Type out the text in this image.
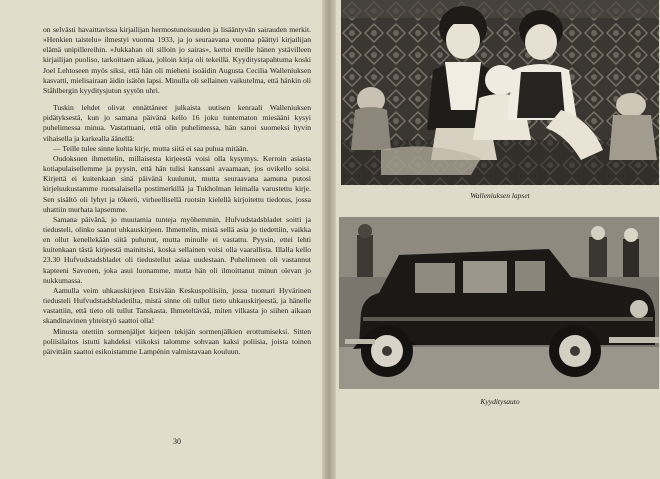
on selvästi havaittavissa kirjailijan hermostuneisuuden ja lisääntyvän sairauden merkit. »Henkien taistelu» ilmestyi vuonna 1933, ja jo seuraavana vuonna päättyi kirjailijan elämä unipillereihin. »Jukkahan oli silloin jo sairas», kertoi meille hänen ystävilleen kirjailijan puoliso, tarkoittaen aikaa, jolloin kirja oli tekeillä. Kyyditystapahtuma koski Joel Lehtoseen myös siksi, että hän oli mieheni isoäidin Augusta Cecilia Walleniuksen kasvatti, mielisairaan äidin isätön lapsi. Minulla oli sellainen vaikutelma, että hänkin oli Ståhlbergin kyyditysjutun syytön uhri.

Tuskin lehdet olivat ennättäneet julkaista uutisen kenraali Walleniuksen pidätyksestä, kun jo samana päivänä kello 16 joku tuntematon miesääni kysyi puhelimessa minua. Vastattuani, että olin puhelimessa, hän sanoi suomeksi hyvin vihaisella ja karkealla äänellä:

— Teille tulee sinne kohta kirje, mutta siitä ei saa puhua mitään.

Oudoksuen ihmettelin, millaisesta kirjeestä voisi olla kysymys. Kerroin asiasta kotiapulaisellemme ja pyysin, että hän tulisi kanssani avaamaan, jos ovikello soisi. Kirjettä ei kuitenkaan sinä päivänä kuulunut, mutta seuraavana aamuna putosi kirjeluukustamme ruotsalaisella postimerkillä ja Tukholman leimalla varustettu kirje. Sen sisältö oli lyhyt ja tökerö, virheellisellä ruotsin kielellä kirjoitettu tiedotus, jossa uhattiin murhata lapsemme.

Samana päivänä, jo muutamia tunteja myöhemmin, Hufvudstadsbladet soitti ja tiedusteli, olinko saanut uhkauskirjeen. Ihmettelin, mistä sellä asia jo tiedettiin, vaikka en ollut kenellekään siitä puhunut, mutta minulle ei vastattu. Pyysin, ettei lehti kuitenkaan tästä kirjeestä mainitsisi, koska sellainen voisi olla vaarallista. Illalla kello 23.30 Hufvudstadsbladet oli tiedustellut asiaa uudestaan. Puhelimeen oli vastannut kapteeni Savonen, joka asui luonamme, mutta hän oli ilmoittanut minun olevan jo nukkumassa.

Aamulla veim uhkauskirjeen Etsivään Keskuspoliisiin, jossa tuomari Hyvärinen tiedusteli Hufvudstadsbladetilta, mistä sinne oli tullut tieto uhkauskirjeestä, ja hänelle vastattiin, että tieto oli tullut Tanskasta. Ihmeteltävää, miten vilkasta jo siihen aikaan skandinavinen yhteistyö saattoi olla!

Minusta otettiin sormenjäljet kirjeen tekijän sormenjälkien erottumiseksi. Sitten poliisilaitos istutti kahdeksi viikoksi talomme sohvaan kaksi poliisia, joista toinen päivittäin saattoi esikoistamme Lampénin valmistavaan kouluun.

30
Walleniuksen lapset
Kyyditysauto
